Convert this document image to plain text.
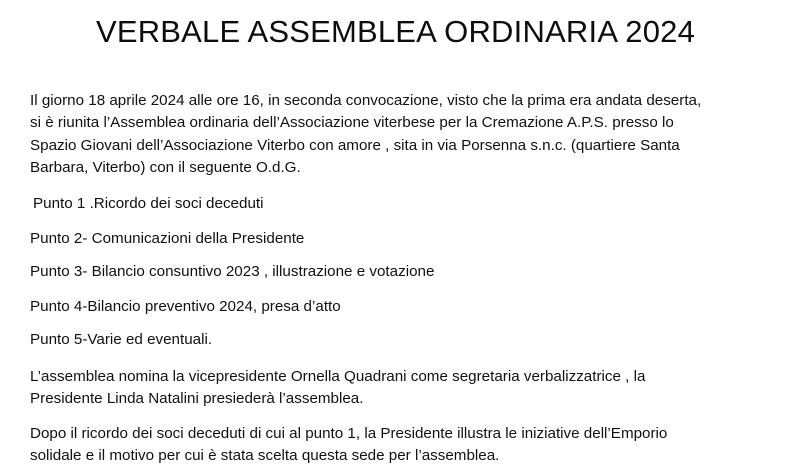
VERBALE ASSEMBLEA ORDINARIA 2024
Il giorno 18 aprile 2024 alle ore 16, in seconda convocazione, visto che la prima era andata deserta,
si è riunita l’Assemblea ordinaria dell’Associazione viterbese per la Cremazione A.P.S. presso lo
Spazio Giovani dell’Associazione Viterbo con amore , sita in via Porsenna s.n.c. (quartiere Santa
Barbara, Viterbo) con il seguente O.d.G.
Punto 1 .Ricordo dei soci deceduti
Punto 2- Comunicazioni della Presidente
Punto 3- Bilancio consuntivo 2023 , illustrazione e votazione
Punto 4-Bilancio preventivo 2024, presa d’atto
Punto 5-Varie ed eventuali.
L’assemblea nomina la vicepresidente Ornella Quadrani come segretaria verbalizzatrice , la
Presidente Linda Natalini presiederà l’assemblea.
Dopo il ricordo dei soci deceduti di cui al punto 1, la Presidente illustra le iniziative dell’Emporio
solidale e il motivo per cui è stata scelta questa sede per l’assemblea.
